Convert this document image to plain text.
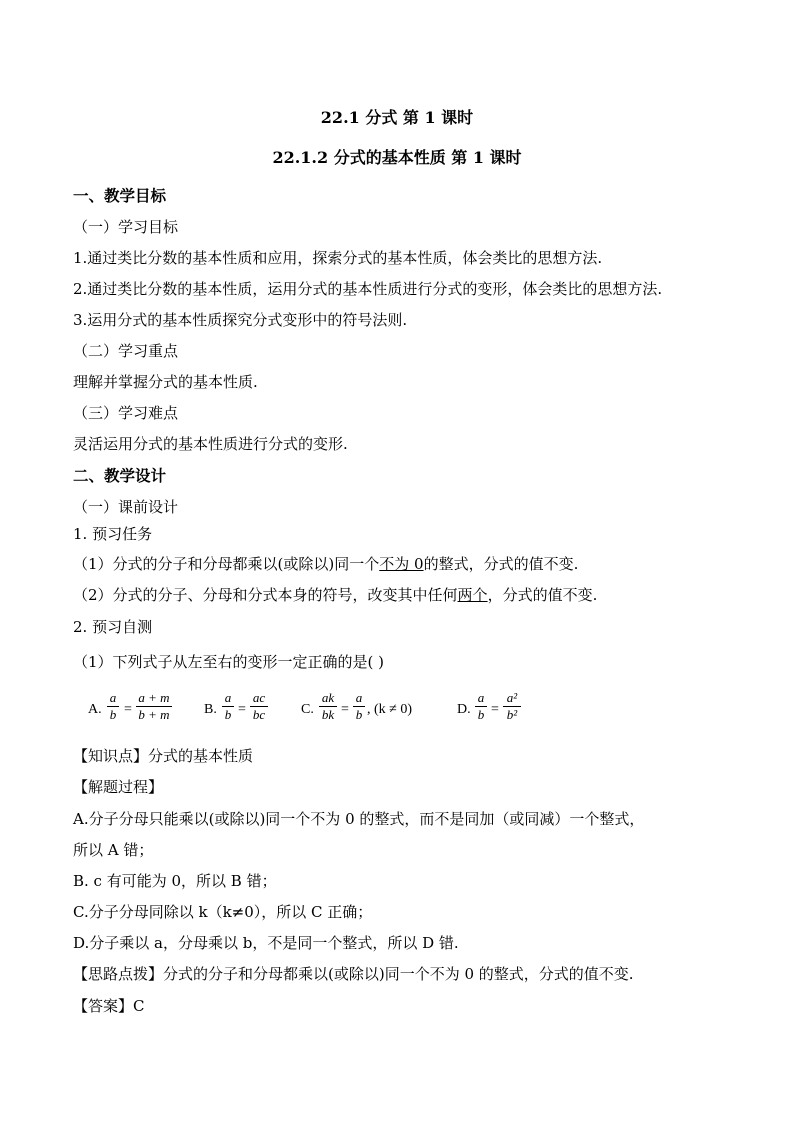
22.1 分式 第 1 课时
22.1.2 分式的基本性质 第 1 课时
一、教学目标
（一）学习目标
1.通过类比分数的基本性质和应用，探索分式的基本性质，体会类比的思想方法.
2.通过类比分数的基本性质，运用分式的基本性质进行分式的变形，体会类比的思想方法.
3.运用分式的基本性质探究分式变形中的符号法则.
（二）学习重点
理解并掌握分式的基本性质.
（三）学习难点
灵活运用分式的基本性质进行分式的变形.
二、教学设计
（一）课前设计
1. 预习任务
（1）分式的分子和分母都乘以(或除以)同一个不为 0的整式，分式的值不变.
（2）分式的分子、分母和分式本身的符号，改变其中任何两个，分式的值不变.
2. 预习自测
（1）下列式子从左至右的变形一定正确的是( )
A.
a
b =
a + m
b + m B.
a
b =
ac
bc	C.
ak
bk =
a
b , (k ≠ 0)	D.
a
b =
a²
b²
【知识点】分式的基本性质
【解题过程】
A.分子分母只能乘以(或除以)同一个不为 0 的整式，而不是同加（或同减）一个整式，
所以 A 错；
B. c 有可能为 0，所以 B 错；
C.分子分母同除以 k（k≠0），所以 C 正确；
D.分子乘以 a，分母乘以 b，不是同一个整式，所以 D 错.
【思路点拨】分式的分子和分母都乘以(或除以)同一个不为 0 的整式，分式的值不变.
【答案】C
